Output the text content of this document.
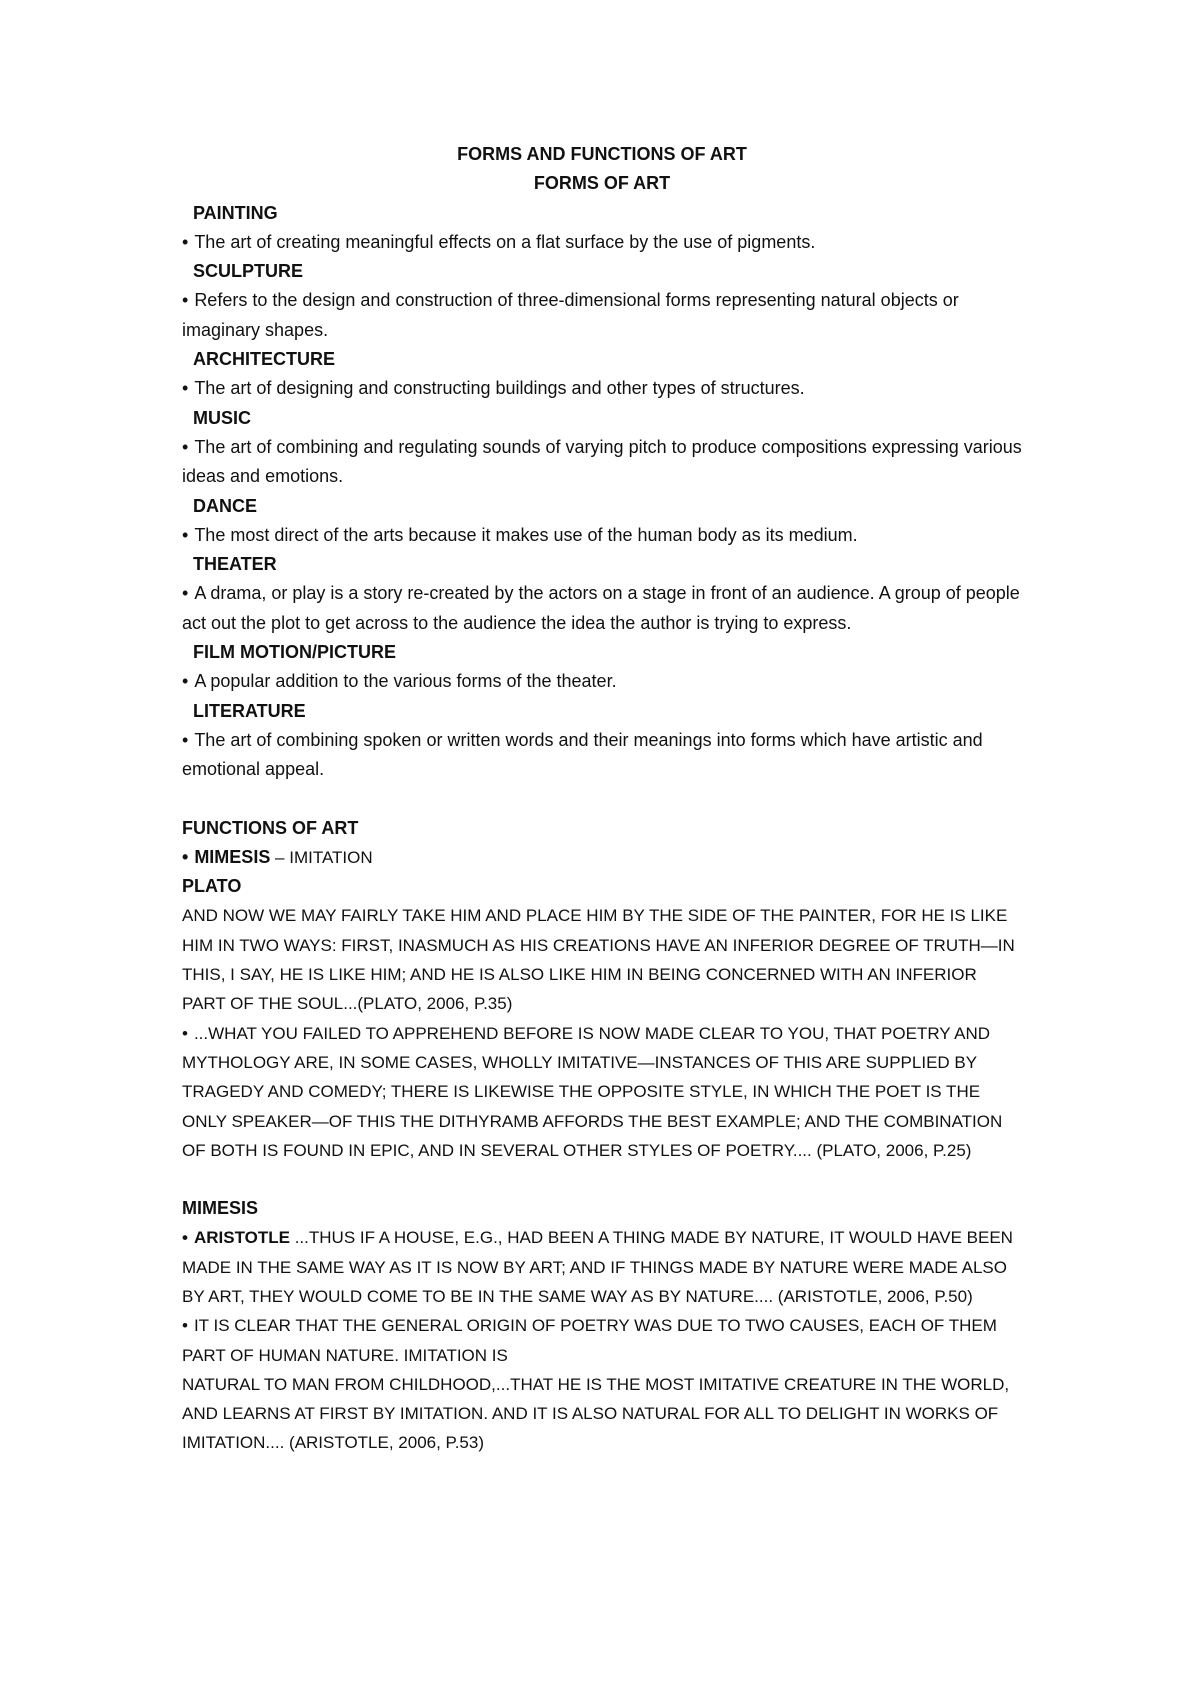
FORMS AND FUNCTIONS OF ART

FORMS OF ART

PAINTING

• The art of creating meaningful effects on a flat surface by the use of pigments.

SCULPTURE

• Refers to the design and construction of three-dimensional forms representing natural objects or imaginary shapes.

ARCHITECTURE

• The art of designing and constructing buildings and other types of structures.

MUSIC

• The art of combining and regulating sounds of varying pitch to produce compositions expressing various ideas and emotions.

DANCE

• The most direct of the arts because it makes use of the human body as its medium.

THEATER

• A drama, or play is a story re-created by the actors on a stage in front of an audience. A group of people act out the plot to get across to the audience the idea the author is trying to express.

FILM MOTION/PICTURE

• A popular addition to the various forms of the theater.

LITERATURE

• The art of combining spoken or written words and their meanings into forms which have artistic and emotional appeal.

FUNCTIONS OF ART

• MIMESIS – IMITATION

PLATO

AND NOW WE MAY FAIRLY TAKE HIM AND PLACE HIM BY THE SIDE OF THE PAINTER, FOR HE IS LIKE HIM IN TWO WAYS: FIRST, INASMUCH AS HIS CREATIONS HAVE AN INFERIOR DEGREE OF TRUTH—IN THIS, I SAY, HE IS LIKE HIM; AND HE IS ALSO LIKE HIM IN BEING CONCERNED WITH AN INFERIOR PART OF THE SOUL...(PLATO, 2006, P.35)

• ...WHAT YOU FAILED TO APPREHEND BEFORE IS NOW MADE CLEAR TO YOU, THAT POETRY AND MYTHOLOGY ARE, IN SOME CASES, WHOLLY IMITATIVE—INSTANCES OF THIS ARE SUPPLIED BY TRAGEDY AND COMEDY; THERE IS LIKEWISE THE OPPOSITE STYLE, IN WHICH THE POET IS THE ONLY SPEAKER—OF THIS THE DITHYRAMB AFFORDS THE BEST EXAMPLE; AND THE COMBINATION OF BOTH IS FOUND IN EPIC, AND IN SEVERAL OTHER STYLES OF POETRY.... (PLATO, 2006, P.25)

MIMESIS

• ARISTOTLE ...THUS IF A HOUSE, E.G., HAD BEEN A THING MADE BY NATURE, IT WOULD HAVE BEEN MADE IN THE SAME WAY AS IT IS NOW BY ART; AND IF THINGS MADE BY NATURE WERE MADE ALSO BY ART, THEY WOULD COME TO BE IN THE SAME WAY AS BY NATURE.... (ARISTOTLE, 2006, P.50)

• IT IS CLEAR THAT THE GENERAL ORIGIN OF POETRY WAS DUE TO TWO CAUSES, EACH OF THEM PART OF HUMAN NATURE. IMITATION IS

NATURAL TO MAN FROM CHILDHOOD,...THAT HE IS THE MOST IMITATIVE CREATURE IN THE WORLD, AND LEARNS AT FIRST BY IMITATION. AND IT IS ALSO NATURAL FOR ALL TO DELIGHT IN WORKS OF IMITATION.... (ARISTOTLE, 2006, P.53)
